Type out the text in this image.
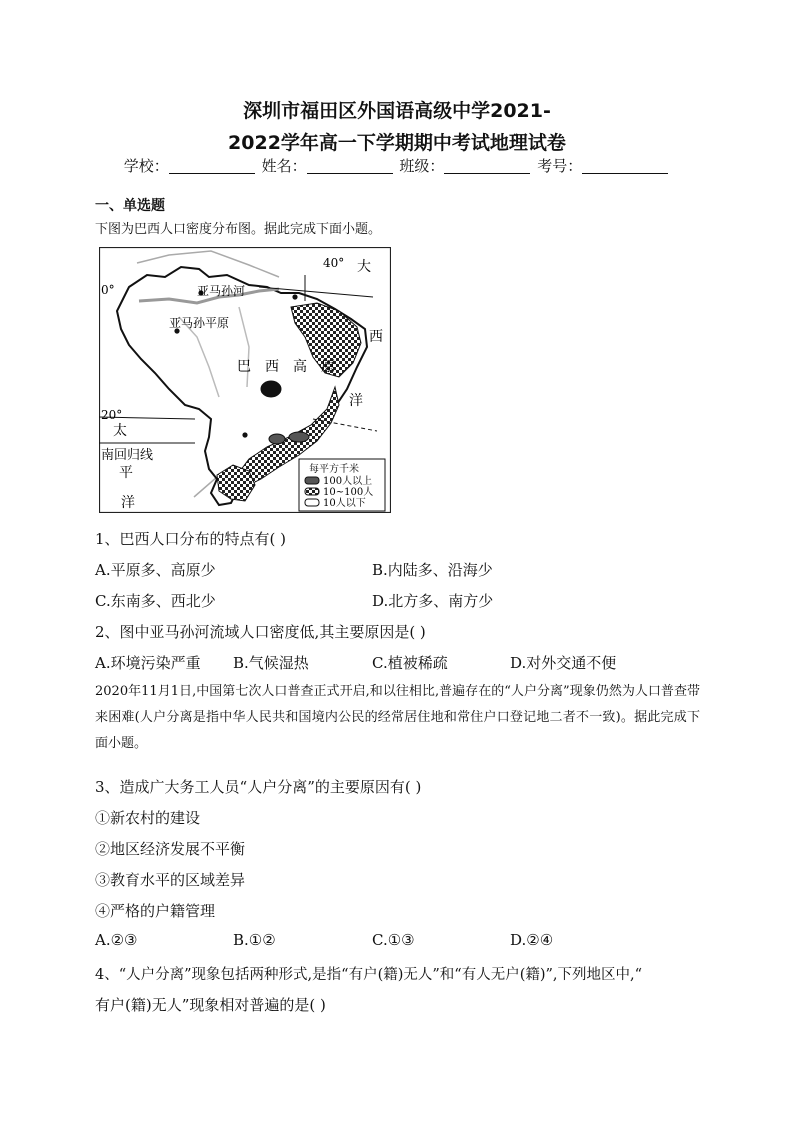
深圳市福田区外国语高级中学2021-
2022学年高一下学期期中考试地理试卷
学校：	姓名：	班级：	考号：
一、单选题
下图为巴西人口密度分布图。据此完成下面小题。
40° 大
0°	亚马孙河
亚马孙平原
西
巴　西　高　原
洋
20°
太
南回归线
平
洋
每平方千米
100人以上
10~100人
10人以下
1、巴西人口分布的特点有( )
A.平原多、高原少	B.内陆多、沿海少
C.东南多、西北少	D.北方多、南方少
2、图中亚马孙河流域人口密度低,其主要原因是( )
A.环境污染严重 B.气候湿热	C.植被稀疏	D.对外交通不便
2020年11月1日,中国第七次人口普查正式开启,和以往相比,普遍存在的“人户分离”现象仍然为人口普查带来困难(人户分离是指中华人民共和国境内公民的经常居住地和常住户口登记地二者不一致)。据此完成下面小题。
3、造成广大务工人员“人户分离”的主要原因有( )
①新农村的建设
②地区经济发展不平衡
③教育水平的区域差异
④严格的户籍管理
A.②③	B.①②	C.①③	D.②④
4、“人户分离”现象包括两种形式,是指“有户(籍)无人”和“有人无户(籍)”,下列地区中,“
有户(籍)无人”现象相对普遍的是( )
